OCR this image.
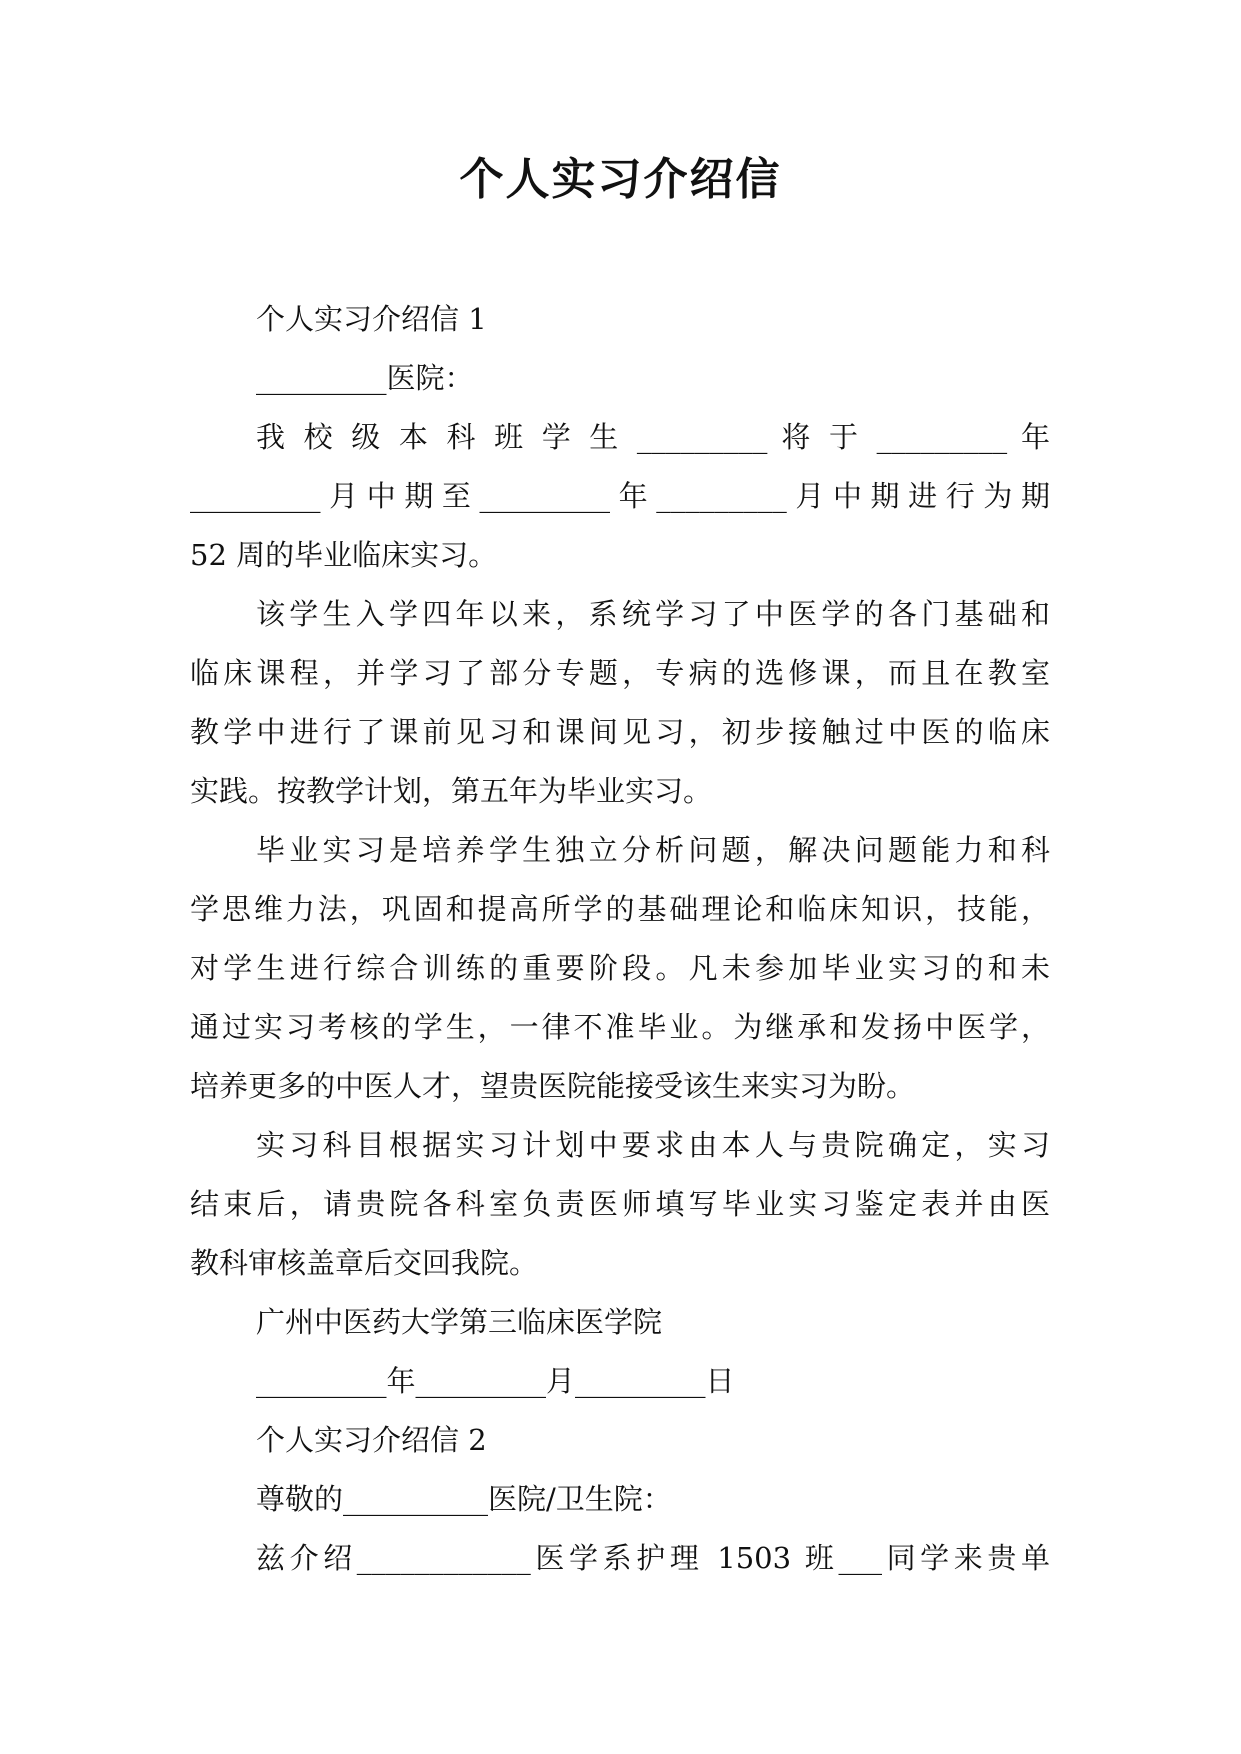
个人实习介绍信
个人实习介绍信 1
_________医院：
我 校 级 本 科 班 学 生 _________ 将 于 _________ 年
_________月中期至_________年_________月中期进行为期
52 周的毕业临床实习。
该学生入学四年以来，系统学习了中医学的各门基础和
临床课程，并学习了部分专题，专病的选修课，而且在教室
教学中进行了课前见习和课间见习，初步接触过中医的临床
实践。按教学计划，第五年为毕业实习。
毕业实习是培养学生独立分析问题，解决问题能力和科
学思维力法，巩固和提高所学的基础理论和临床知识，技能，
对学生进行综合训练的重要阶段。凡未参加毕业实习的和未
通过实习考核的学生，一律不准毕业。为继承和发扬中医学，
培养更多的中医人才，望贵医院能接受该生来实习为盼。
实习科目根据实习计划中要求由本人与贵院确定，实习
结束后，请贵院各科室负责医师填写毕业实习鉴定表并由医
教科审核盖章后交回我院。
广州中医药大学第三临床医学院
_________年_________月_________日
个人实习介绍信 2
尊敬的__________医院/卫生院：
兹介绍____________医学系护理 1503 班___同学来贵单
